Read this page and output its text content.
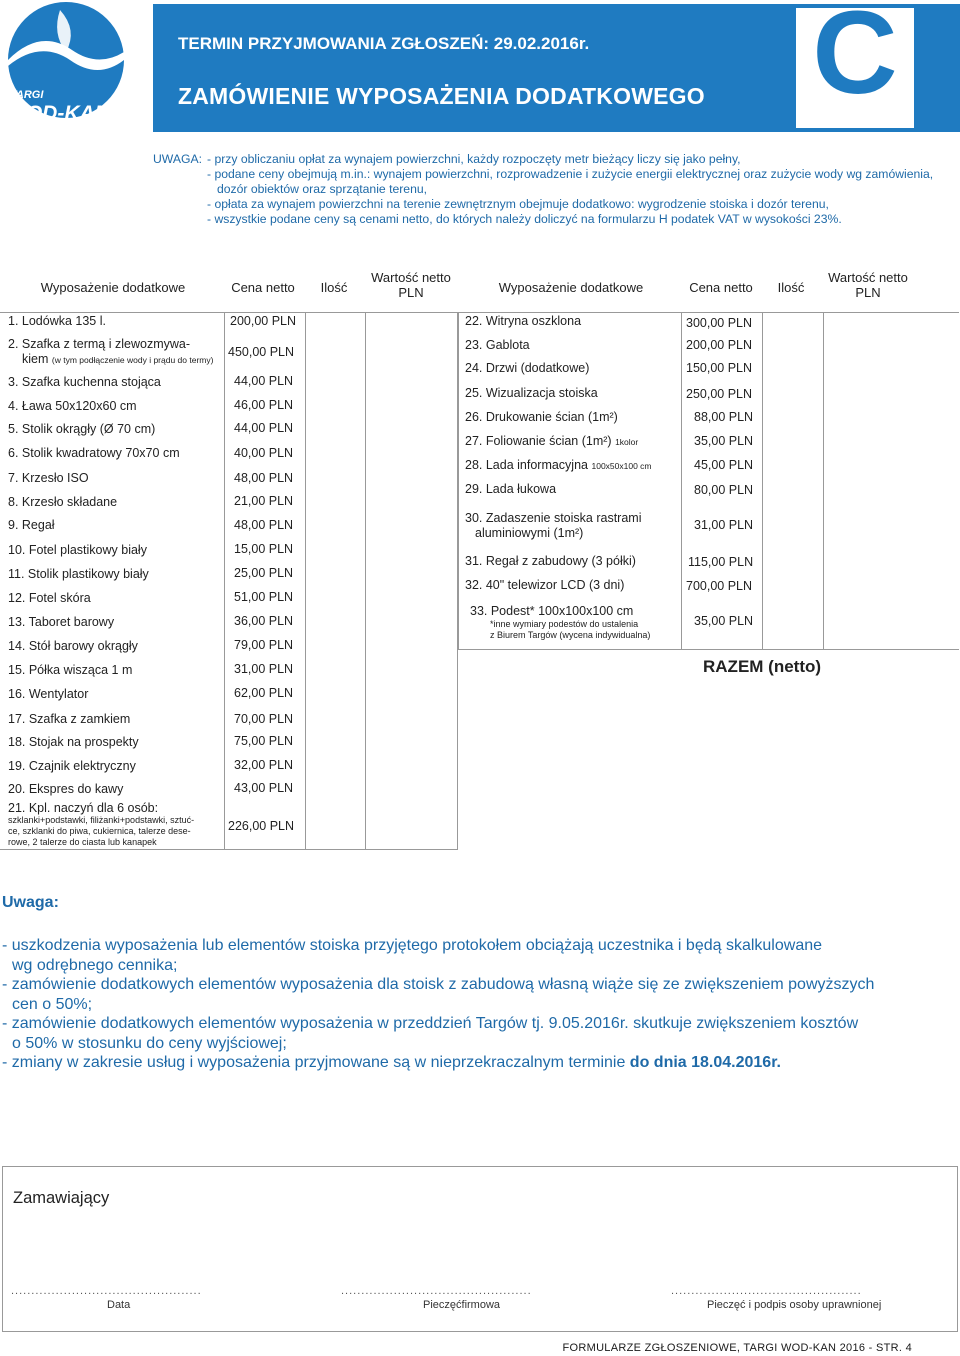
TARGI
WOD-KAN
TERMIN PRZYJMOWANIA ZGŁOSZEŃ: 29.02.2016r.
ZAMÓWIENIE WYPOSAŻENIA DODATKOWEGO C
UWAGA: - przy obliczaniu opłat za wynajem powierzchni, każdy rozpoczęty metr bieżący liczy się jako pełny,
- podane ceny obejmują m.in.: wynajem powierzchni, rozprowadzenie i zużycie energii elektrycznej oraz zużycie wody wg zamówienia,
dozór obiektów oraz sprzątanie terenu,
- opłata za wynajem powierzchni na terenie zewnętrznym obejmuje dodatkowo: wygrodzenie stoiska i dozór terenu,
- wszystkie podane ceny są cenami netto, do których należy doliczyć na formularzu H podatek VAT w wysokości 23%.
Wyposażenie dodatkowe	Cena netto	Ilość
Wartość netto
PLN	Wyposażenie dodatkowe	Cena netto	Ilość
Wartość netto
PLN
1. Lodówka 135 l.	200,00 PLN
2. Szafka z termą i zlewozmywa-
kiem (w tym podłączenie wody i prądu do termy)
450,00 PLN
3. Szafka kuchenna stojąca	44,00 PLN
4. Ława 50x120x60 cm	46,00 PLN
5. Stolik okrągły (Ø 70 cm)	44,00 PLN
6. Stolik kwadratowy 70x70 cm	40,00 PLN
7. Krzesło ISO	48,00 PLN
8. Krzesło składane	21,00 PLN
9. Regał	48,00 PLN
10. Fotel plastikowy biały	15,00 PLN
11. Stolik plastikowy biały	25,00 PLN
12. Fotel skóra	51,00 PLN
13. Taboret barowy	36,00 PLN
14. Stół barowy okrągły	79,00 PLN
15. Półka wisząca 1 m	31,00 PLN
16. Wentylator	62,00 PLN
17. Szafka z zamkiem	70,00 PLN
18. Stojak na prospekty	75,00 PLN
19. Czajnik elektryczny	32,00 PLN
20. Ekspres do kawy	43,00 PLN
21. Kpl. naczyń dla 6 osób:
szklanki+podstawki, filiżanki+podstawki, sztuć-
ce, szklanki do piwa, cukiernica, talerze dese-
rowe, 2 talerze do ciasta lub kanapek
226,00 PLN
22. Witryna oszklona	300,00 PLN
23. Gablota	200,00 PLN
24. Drzwi (dodatkowe)	150,00 PLN
25. Wizualizacja stoiska	250,00 PLN
26. Drukowanie ścian (1m²)	88,00 PLN
27. Foliowanie ścian (1m²) 1kolor	35,00 PLN
28. Lada informacyjna 100x50x100 cm	45,00 PLN
29. Lada łukowa	80,00 PLN
30. Zadaszenie stoiska rastrami
aluminiowymi (1m²)
31,00 PLN
31. Regał z zabudowy (3 półki)	115,00 PLN
32. 40" telewizor LCD (3 dni)	700,00 PLN
33. Podest* 100x100x100 cm
*inne wymiary podestów do ustalenia
z Biurem Targów (wycena indywidualna)
35,00 PLN
RAZEM (netto)
Uwaga:
- uszkodzenia wyposażenia lub elementów stoiska przyjętego protokołem obciążają uczestnika i będą skalkulowane
wg odrębnego cennika;
- zamówienie dodatkowych elementów wyposażenia dla stoisk z zabudową własną wiąże się ze zwiększeniem powyższych
cen o 50%;
- zamówienie dodatkowych elementów wyposażenia w przeddzień Targów tj. 9.05.2016r. skutkuje zwiększeniem kosztów
o 50% w stosunku do ceny wyjściowej;
- zmiany w zakresie usług i wyposażenia przyjmowane są w nieprzekraczalnym terminie do dnia 18.04.2016r.
Zamawiający
...............................................	...............................................	...............................................
Data	Pieczęćfirmowa	Pieczęć i podpis osoby uprawnionej
FORMULARZE ZGŁOSZENIOWE, TARGI WOD-KAN 2016 - STR. 4
